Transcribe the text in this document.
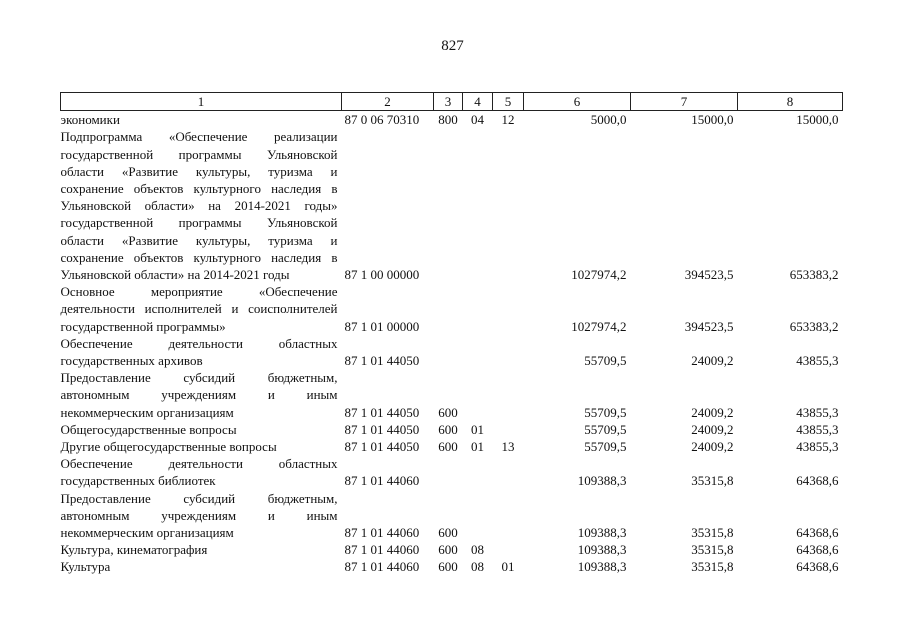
827
1	2	3	4	5	6	7	8
экономики	87 0 06 70310	800	04	12	5000,0	15000,0	15000,0
Подпрограмма «Обеспечение реализации государственной программы Ульяновской области «Развитие культуры, туризма и сохранение объектов культурного наследия в Ульяновской области» на 2014-2021 годы» государственной программы Ульяновской области «Развитие культуры, туризма и сохранение объектов культурного наследия в Ульяновской области» на 2014-2021 годы	87 1 00 00000				1027974,2	394523,5	653383,2
Основное мероприятие «Обеспечение деятельности исполнителей и соисполнителей государственной программы»	87 1 01 00000				1027974,2	394523,5	653383,2
Обеспечение деятельности областных государственных архивов	87 1 01 44050				55709,5	24009,2	43855,3
Предоставление субсидий бюджетным, автономным учреждениям и иным некоммерческим организациям	87 1 01 44050	600			55709,5	24009,2	43855,3
Общегосударственные вопросы	87 1 01 44050	600	01		55709,5	24009,2	43855,3
Другие общегосударственные вопросы	87 1 01 44050	600	01	13	55709,5	24009,2	43855,3
Обеспечение деятельности областных государственных библиотек	87 1 01 44060				109388,3	35315,8	64368,6
Предоставление субсидий бюджетным, автономным учреждениям и иным некоммерческим организациям	87 1 01 44060	600			109388,3	35315,8	64368,6
Культура, кинематография	87 1 01 44060	600	08		109388,3	35315,8	64368,6
Культура	87 1 01 44060	600	08	01	109388,3	35315,8	64368,6
